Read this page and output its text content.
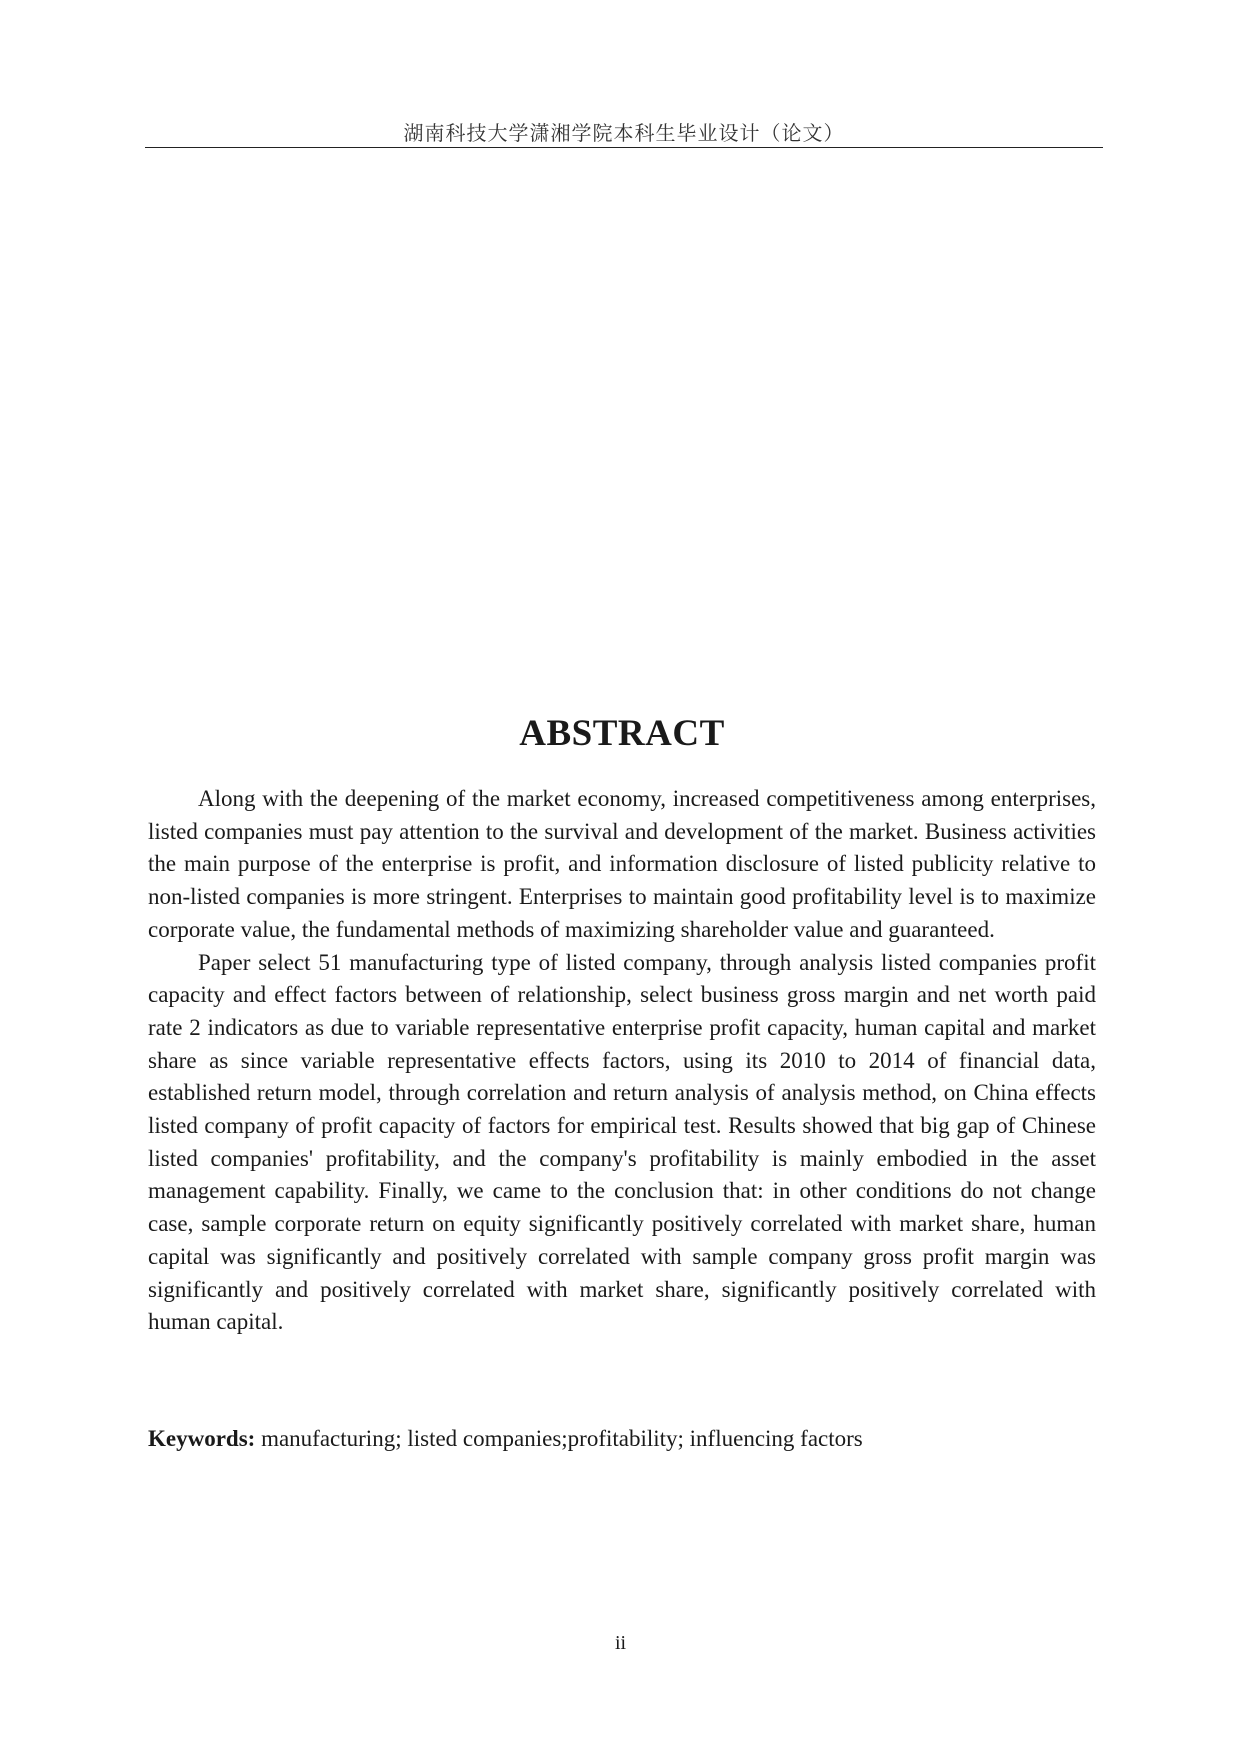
湖南科技大学潇湘学院本科生毕业设计（论文）
ABSTRACT

Along with the deepening of the market economy, increased competitiveness among enterprises, listed companies must pay attention to the survival and development of the market. Business activities the main purpose of the enterprise is profit, and information disclosure of listed publicity relative to non-listed companies is more stringent. Enterprises to maintain good profitability level is to maximize corporate value, the fundamental methods of maximizing shareholder value and guaranteed.

Paper select 51 manufacturing type of listed company, through analysis listed companies profit capacity and effect factors between of relationship, select business gross margin and net worth paid rate 2 indicators as due to variable representative enterprise profit capacity, human capital and market share as since variable representative effects factors, using its 2010 to 2014 of financial data, established return model, through correlation and return analysis of analysis method, on China effects listed company of profit capacity of factors for empirical test. Results showed that big gap of Chinese listed companies' profitability, and the company's profitability is mainly embodied in the asset management capability. Finally, we came to the conclusion that: in other conditions do not change case, sample corporate return on equity significantly positively correlated with market share, human capital was significantly and positively correlated with sample company gross profit margin was significantly and positively correlated with market share, significantly positively correlated with human capital.

Keywords: manufacturing; listed companies;profitability; influencing factors
ii
